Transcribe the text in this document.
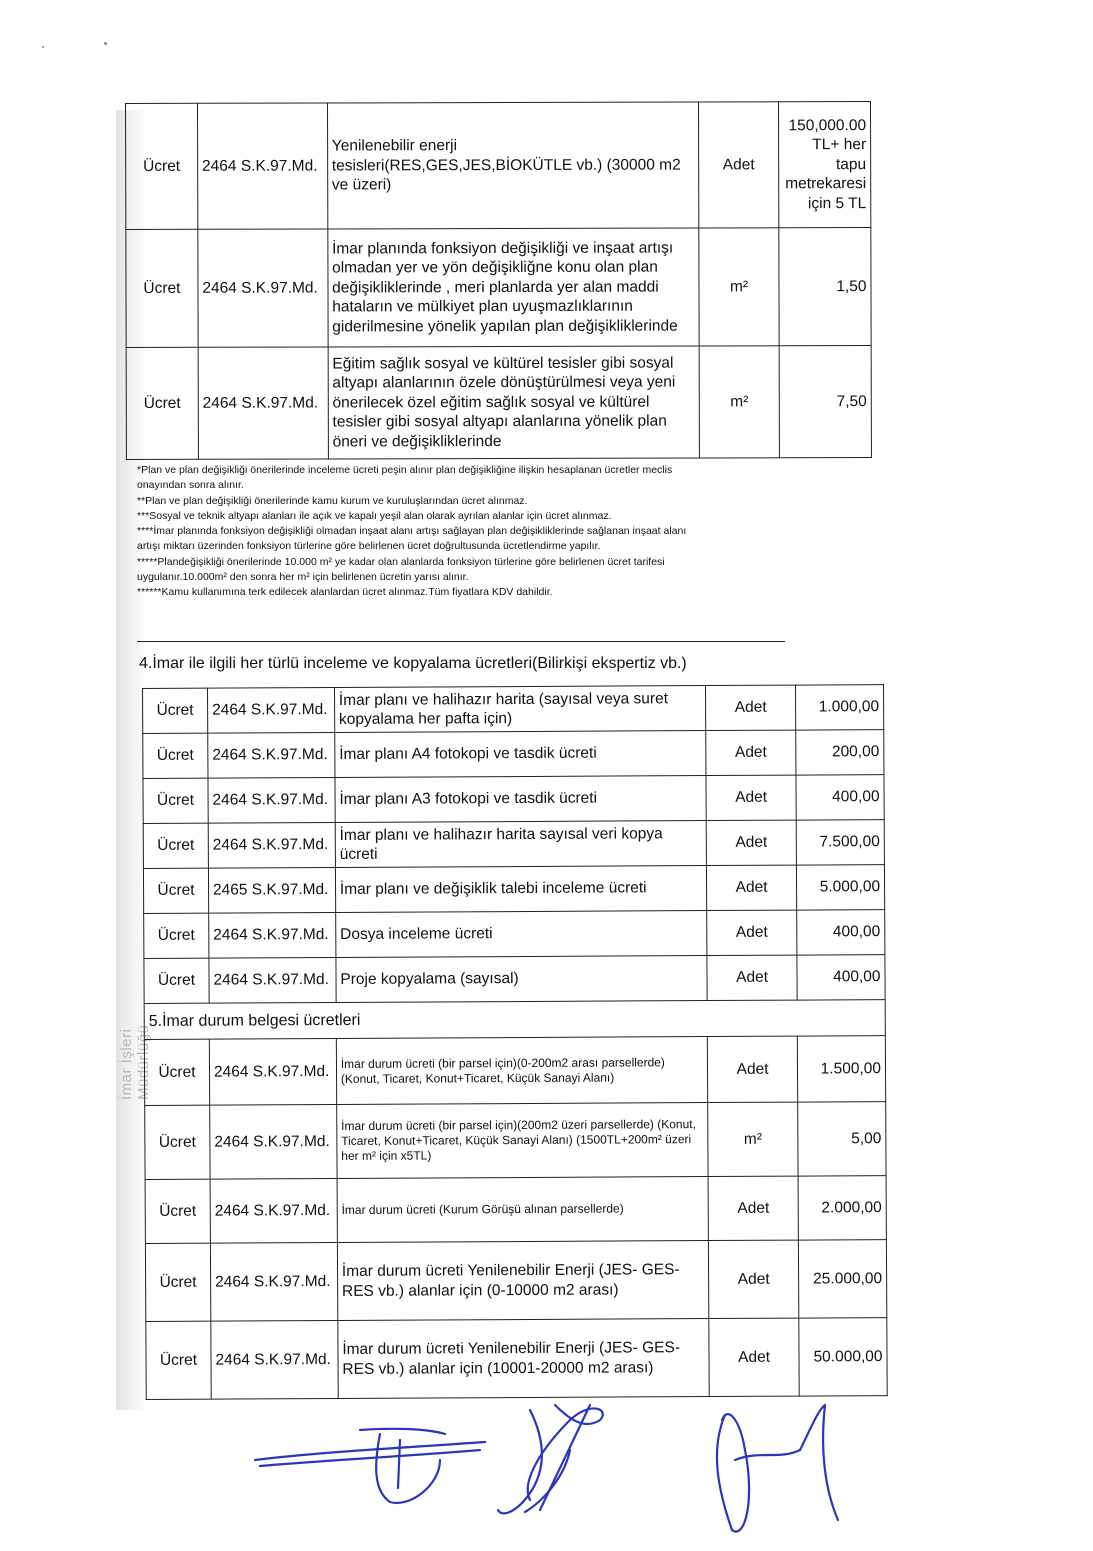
İmar İşleri Müdürlüğü
Ücret	2464 S.K.97.Md.	Yenilenebilir enerji tesisleri(RES,GES,JES,BİOKÜTLE vb.) (30000 m2 ve üzeri)	Adet	150,000.00 TL+ her tapu metrekaresi için 5 TL
Ücret	2464 S.K.97.Md.	İmar planında fonksiyon değişikliği ve inşaat artışı olmadan yer ve yön değişikliğne konu olan plan değişikliklerinde , meri planlarda yer alan maddi hataların ve mülkiyet plan uyuşmazlıklarının giderilmesine yönelik yapılan plan değişikliklerinde	m²	1,50
Ücret	2464 S.K.97.Md.	Eğitim sağlık sosyal ve kültürel tesisler gibi sosyal altyapı alanlarının özele dönüştürülmesi veya yeni önerilecek özel eğitim sağlık sosyal ve kültürel tesisler gibi sosyal altyapı alanlarına yönelik plan öneri ve değişikliklerinde	m²	7,50
*Plan ve plan değişikliği önerilerinde inceleme ücreti peşin alınır plan değişikliğine ilişkin hesaplanan ücretler meclis
onayından sonra alınır.
**Plan ve plan değişikliği önerilerinde kamu kurum ve kuruluşlarından ücret alınmaz.
***Sosyal ve teknik altyapı alanları ile açık ve kapalı yeşil alan olarak ayrılan alanlar için ücret alınmaz.
****İmar planında fonksiyon değişikliği olmadan inşaat alanı artışı sağlayan plan değişikliklerinde sağlanan inşaat alanı
artışı miktarı üzerinden fonksiyon türlerine göre belirlenen ücret doğrultusunda ücretlendirme yapılır.
*****Plandeğişikliği önerilerinde 10.000 m² ye kadar olan alanlarda fonksiyon türlerine göre belirlenen ücret tarifesi
uygulanır.10.000m² den sonra her m² için belirlenen ücretin yarısı alınır.
******Kamu kullanımına terk edilecek alanlardan ücret alınmaz.Tüm fiyatlara KDV dahildir.
4.İmar ile ilgili her türlü inceleme ve kopyalama ücretleri(Bilirkişi ekspertiz vb.)
Ücret	2464 S.K.97.Md.	İmar planı ve halihazır harita (sayısal veya suret kopyalama her pafta için)	Adet	1.000,00
Ücret	2464 S.K.97.Md.	İmar planı A4 fotokopi ve tasdik ücreti	Adet	200,00
Ücret	2464 S.K.97.Md.	İmar planı A3 fotokopi ve tasdik ücreti	Adet	400,00
Ücret	2464 S.K.97.Md.	İmar planı ve halihazır harita sayısal veri kopya ücreti	Adet	7.500,00
Ücret	2465 S.K.97.Md.	İmar planı ve değişiklik talebi inceleme ücreti	Adet	5.000,00
Ücret	2464 S.K.97.Md.	Dosya inceleme ücreti	Adet	400,00
Ücret	2464 S.K.97.Md.	Proje kopyalama (sayısal)	Adet	400,00
5.İmar durum belgesi ücretleri				
Ücret	2464 S.K.97.Md.	İmar durum ücreti (bir parsel için)(0-200m2 arası parsellerde) (Konut, Ticaret, Konut+Ticaret, Küçük Sanayi Alanı)	Adet	1.500,00
Ücret	2464 S.K.97.Md.	İmar durum ücreti (bir parsel için)(200m2 üzeri parsellerde) (Konut, Ticaret, Konut+Ticaret, Küçük Sanayi Alanı) (1500TL+200m² üzeri her m² için x5TL)	m²	5,00
Ücret	2464 S.K.97.Md.	İmar durum ücreti (Kurum Görüşü alınan parsellerde)	Adet	2.000,00
Ücret	2464 S.K.97.Md.	İmar durum ücreti Yenilenebilir Enerji (JES- GES-RES vb.) alanlar için (0-10000 m2 arası)	Adet	25.000,00
Ücret	2464 S.K.97.Md.	İmar durum ücreti Yenilenebilir Enerji (JES- GES-RES vb.) alanlar için (10001-20000 m2 arası)	Adet	50.000,00
